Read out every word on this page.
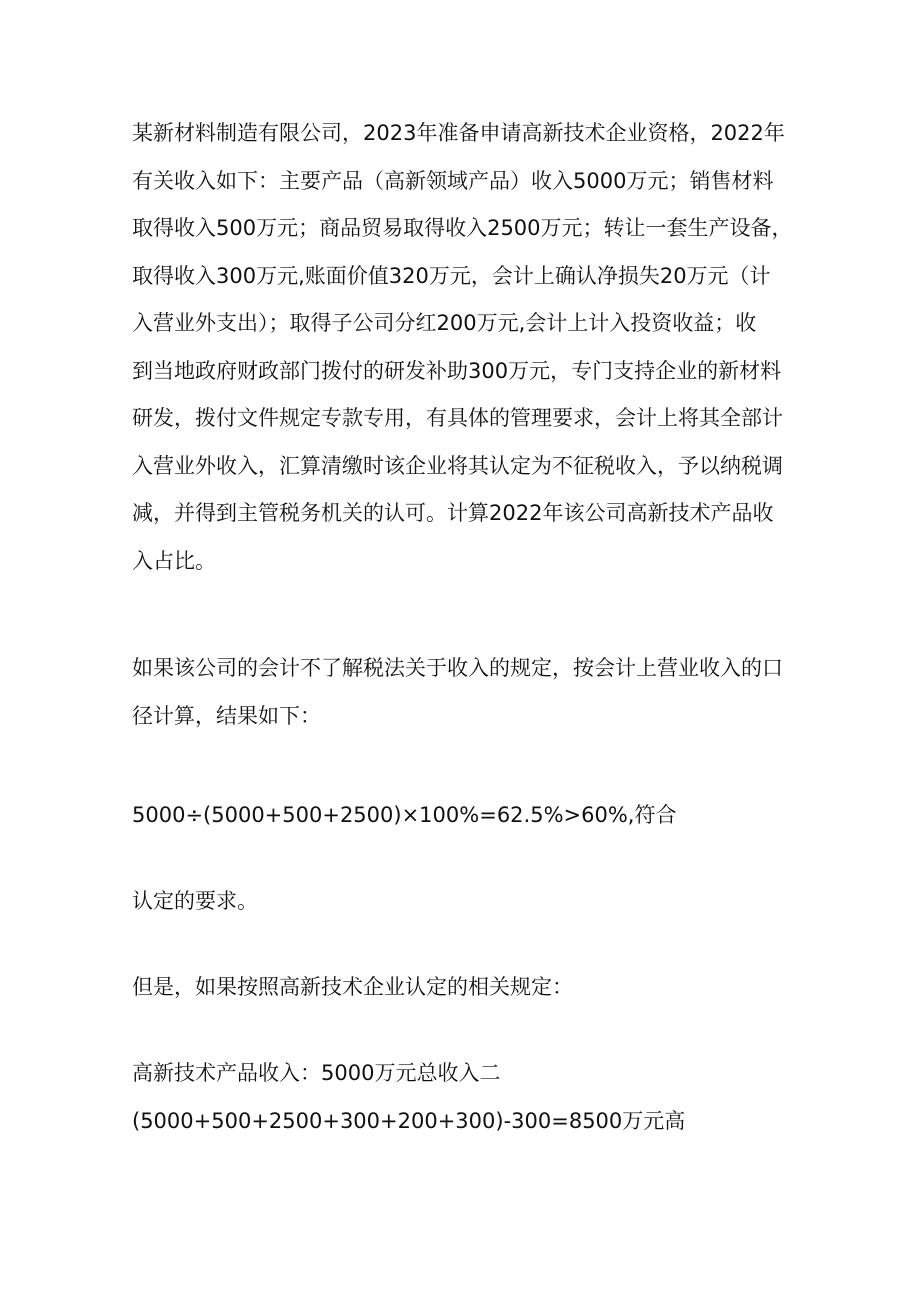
某新材料制造有限公司，2023年准备申请高新技术企业资格，2022年
有关收入如下：主要产品（高新领域产品）收入5000万元；销售材料
取得收入500万元；商品贸易取得收入2500万元；转让一套生产设备，
取得收入300万元,账面价值320万元，会计上确认净损失20万元（计
入营业外支出）；取得子公司分红200万元,会计上计入投资收益；收
到当地政府财政部门拨付的研发补助300万元，专门支持企业的新材料
研发，拨付文件规定专款专用，有具体的管理要求，会计上将其全部计
入营业外收入，汇算清缴时该企业将其认定为不征税收入，予以纳税调
减，并得到主管税务机关的认可。计算2022年该公司高新技术产品收
入占比。

如果该公司的会计不了解税法关于收入的规定，按会计上营业收入的口
径计算，结果如下：

5000÷(5000+500+2500)×100%=62.5%>60%,符合

认定的要求。

但是，如果按照高新技术企业认定的相关规定：

高新技术产品收入：5000万元总收入二
(5000+500+2500+300+200+300)-300=8500万元高
